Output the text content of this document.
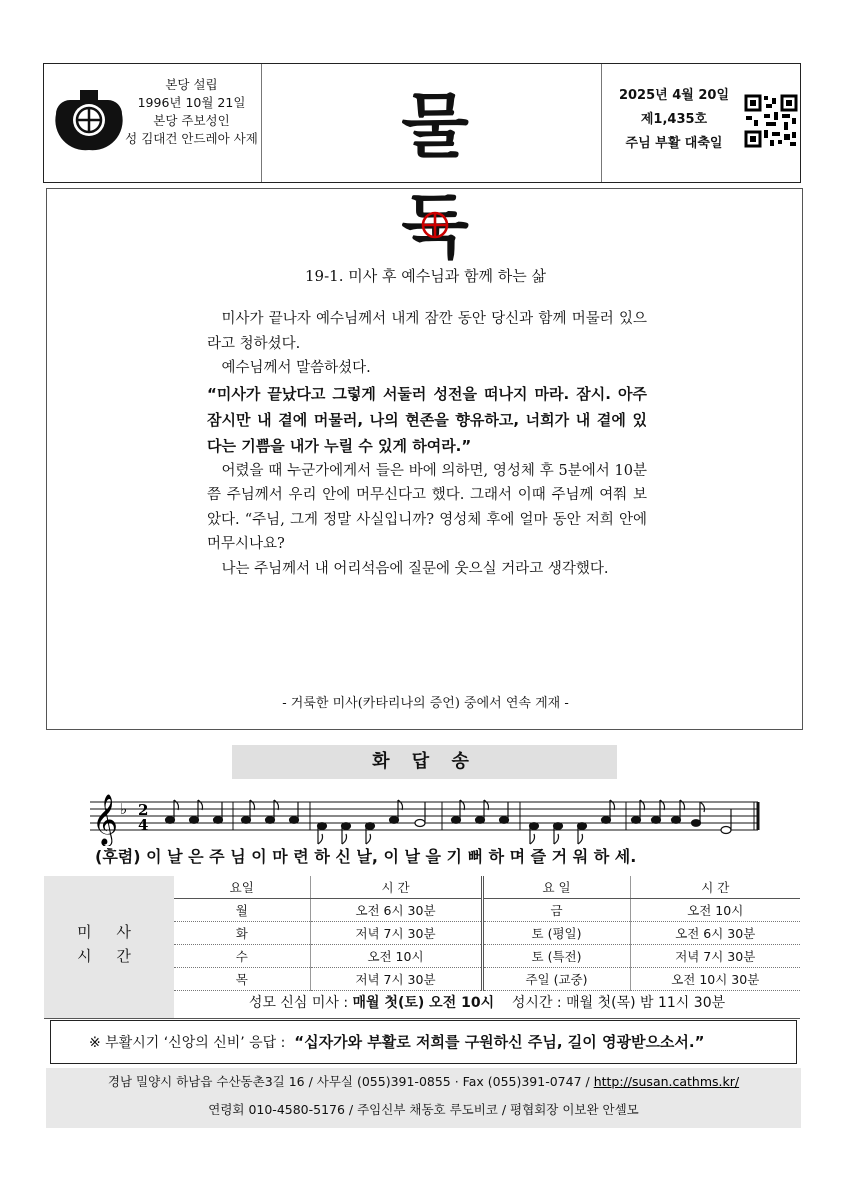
본당 설립
1996년 10월 21일
본당 주보성인
성 김대건 안드레아 사제	물 둑
2025년 4월 20일
제1,435호
주님 부활 대축일
19-1. 미사 후 예수님과 함께 하는 삶

미사가 끝나자 예수님께서 내게 잠깐 동안 당신과 함께 머물러 있으라고 청하셨다.

예수님께서 말씀하셨다.

“미사가 끝났다고 그렇게 서둘러 성전을 떠나지 마라. 잠시. 아주 잠시만 내 곁에 머물러, 나의 현존을 향유하고, 너희가 내 곁에 있다는 기쁨을 내가 누릴 수 있게 하여라.”

어렸을 때 누군가에게서 들은 바에 의하면, 영성체 후 5분에서 10분쯤 주님께서 우리 안에 머무신다고 했다. 그래서 이때 주님께 여쭤 보았다. “주님, 그게 정말 사실입니까? 영성체 후에 얼마 동안 저희 안에 머무시나요?

나는 주님께서 내 어리석음에 질문에 웃으실 거라고 생각했다.

- 거룩한 미사(카타리나의 증언) 중에서 연속 게재 -
화 답 송
𝄞 ♭ 2
4
(후렴) 이 날 은 주 님 이 마 련 하 신 날, 이 날 을 기 뻐 하 며 즐 거 워 하 세.
미 사
시 간
요일	시 간	요 일	시 간
월	오전 6시 30분	금	오전 10시
화	저녁 7시 30분	토 (평일)	오전 6시 30분
수	오전 10시	토 (특전)	저녁 7시 30분
목	저녁 7시 30분	주일 (교중)	오전 10시 30분
성모 신심 미사 : 매월 첫(토) 오전 10시    성시간 : 매월 첫(목) 밤 11시 30분
※ 부활시기 ‘신앙의 신비’ 응답 :  “십자가와 부활로 저희를 구원하신 주님, 길이 영광받으소서.”
경남 밀양시 하남읍 수산동촌3길 16 / 사무실 (055)391-0855 · Fax (055)391-0747 / http://susan.cathms.kr/
연령회 010-4580-5176 / 주임신부 채동호 루도비코 / 평협회장 이보완 안셀모
